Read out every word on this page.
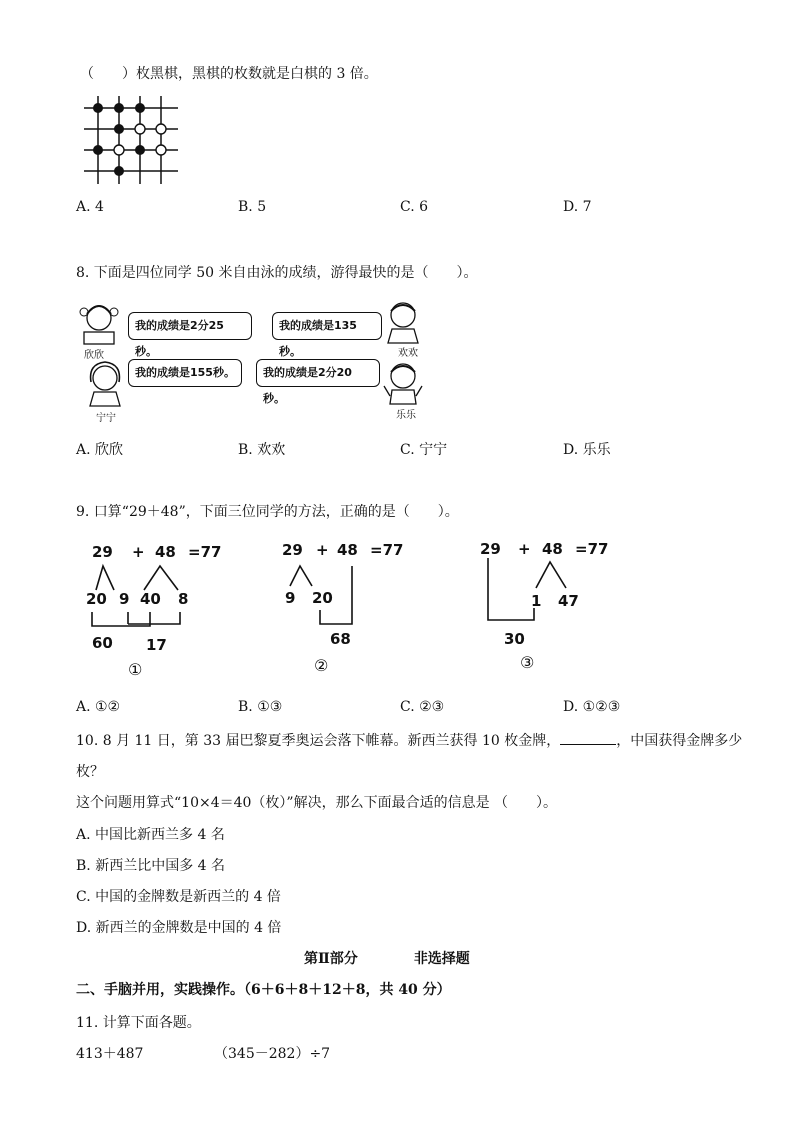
（　　）枚黑棋，黑棋的枚数就是白棋的 3 倍。
A. 4	B. 5	C. 6	D. 7
8. 下面是四位同学 50 米自由泳的成绩，游得最快的是（　　）。
欣欣	欢欢
宁宁	乐乐
我的成绩是2分25秒。
我的成绩是135秒。
我的成绩是155秒。	我的成绩是2分20秒。
A. 欣欣	B. 欢欢	C. 宁宁	D. 乐乐
9. 口算“29＋48”，下面三位同学的方法，正确的是（　　）。
29 + 48 =77
20 9 40 8
60 17
①
29 + 48 =77
9 20
68
②
29 + 48 =77
1 47
30
③
A. ①②	B. ①③	C. ②③	D. ①②③
10. 8 月 11 日，第 33 届巴黎夏季奥运会落下帷幕。新西兰获得 10 枚金牌，	，中国获得金牌多少
枚？
这个问题用算式“10×4＝40（枚）”解决，那么下面最合适的信息是 （　　）。
A. 中国比新西兰多 4 名
B. 新西兰比中国多 4 名
C. 中国的金牌数是新西兰的 4 倍
D. 新西兰的金牌数是中国的 4 倍
第Ⅱ部分	非选择题
二、手脑并用，实践操作。（6＋6＋8＋12＋8，共 40 分）
11. 计算下面各题。
413＋487	（345－282）÷7
